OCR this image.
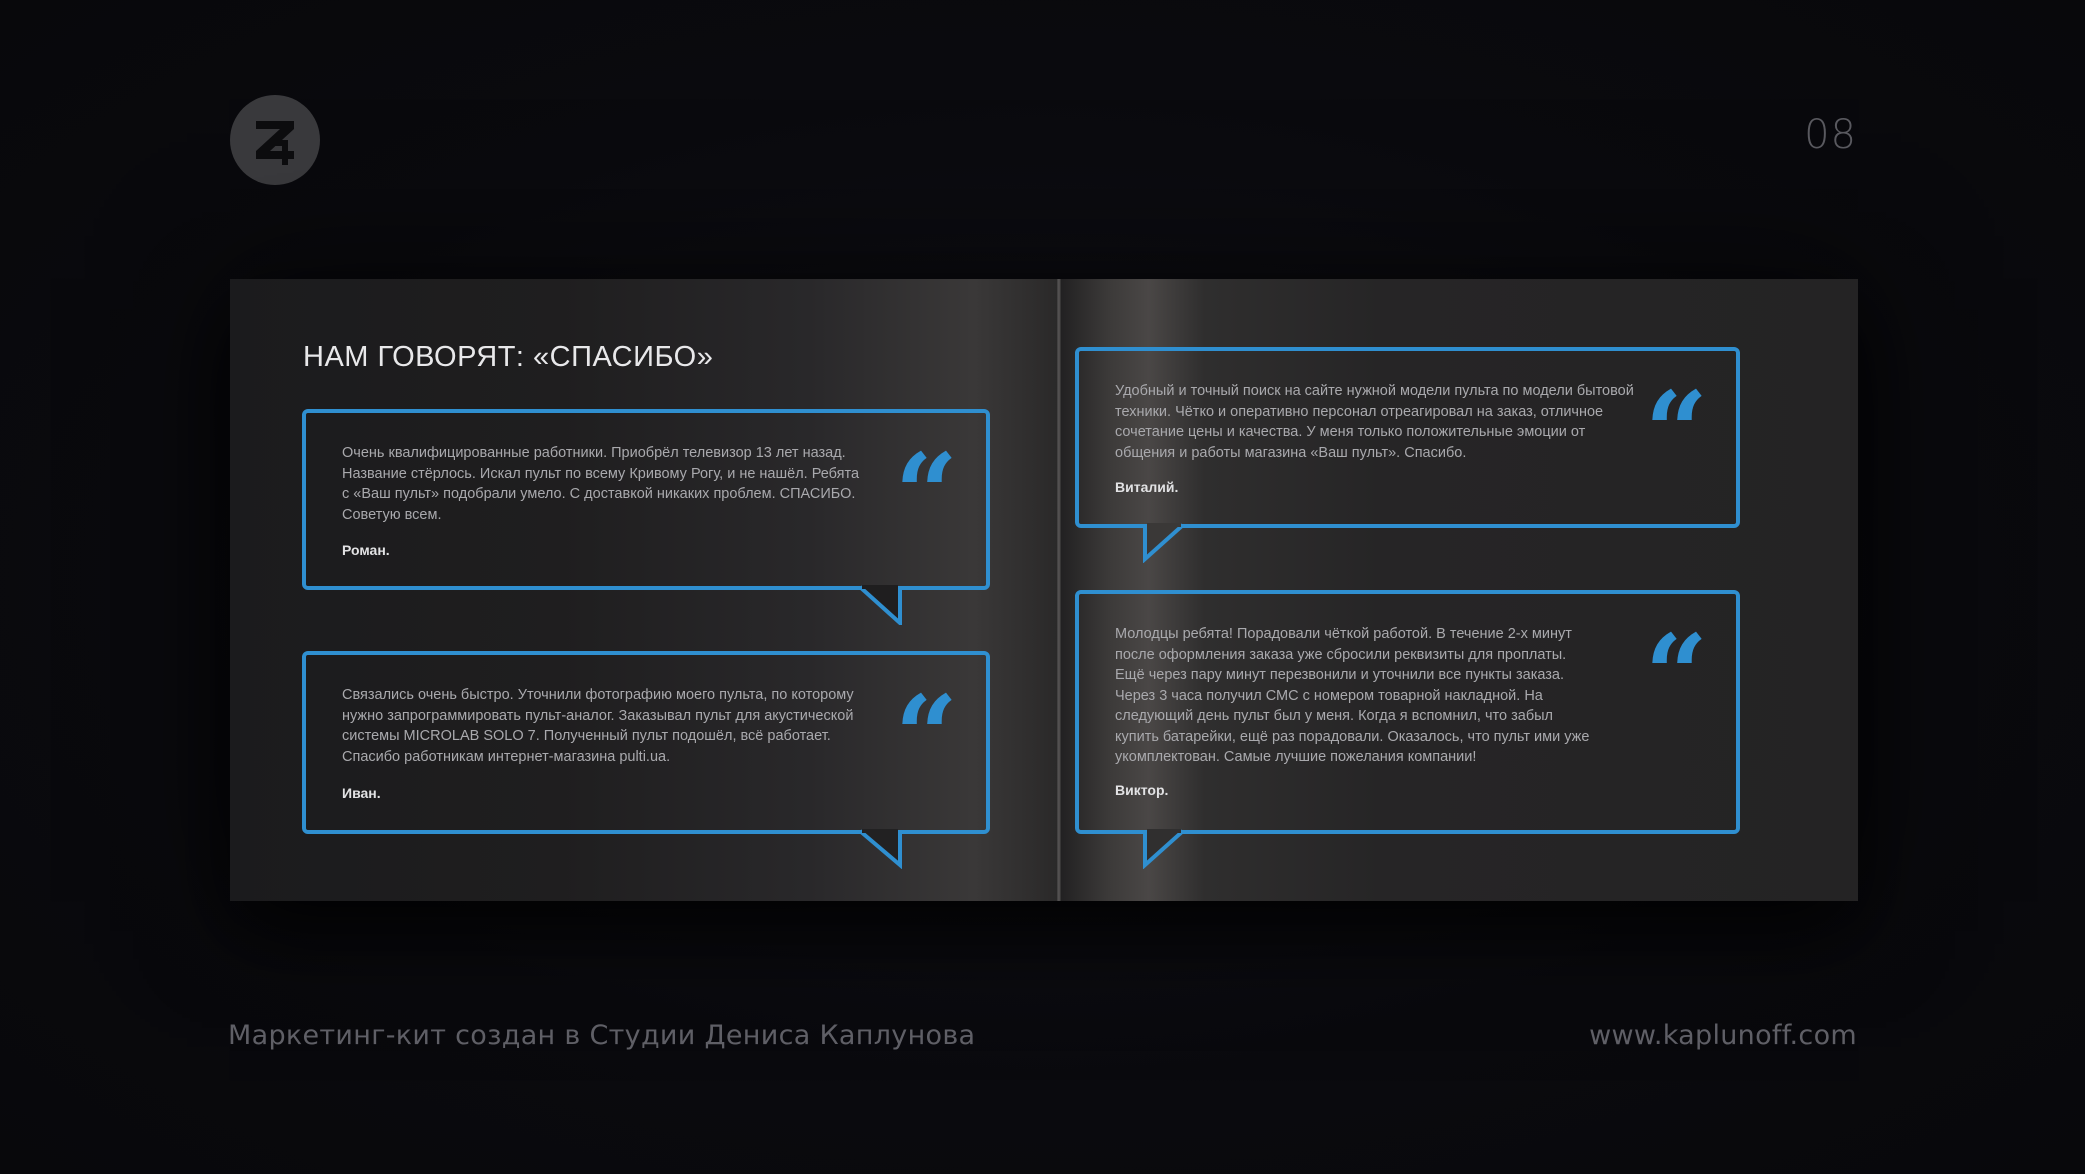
08
НАМ ГОВОРЯТ: «СПАСИБО»
Очень квалифицированные работники. Приобрёл телевизор 13 лет назад. Название стёрлось. Искал пульт по всему Кривому Рогу, и не нашёл. Ребята с «Ваш пульт» подобрали умело. С доставкой никаких проблем. СПАСИБО. Советую всем.
Роман.	“
Связались очень быстро. Уточнили фотографию моего пульта, по которому нужно запрограммировать пульт-аналог. Заказывал пульт для акустической системы MICROLAB SOLO 7. Полученный пульт подошёл, всё работает. Спасибо работникам интернет-магазина pulti.ua.
Иван.	“
Удобный и точный поиск на сайте нужной модели пульта по модели бытовой техники. Чётко и оперативно персонал отреагировал на заказ, отличное сочетание цены и качества. У меня только положительные эмоции от общения и работы магазина «Ваш пульт». Спасибо.
Виталий.	“
Молодцы ребята! Порадовали чёткой работой. В течение 2-х минут после оформления заказа уже сбросили реквизиты для проплаты. Ещё через пару минут перезвонили и уточнили все пункты заказа. Через 3 часа получил СМС с номером товарной накладной. На следующий день пульт был у меня. Когда я вспомнил, что забыл купить батарейки, ещё раз порадовали. Оказалось, что пульт ими уже укомплектован. Самые лучшие пожелания компании!
Виктор.
“
Маркетинг-кит создан в Студии Дениса Каплунова	www.kaplunoff.com
